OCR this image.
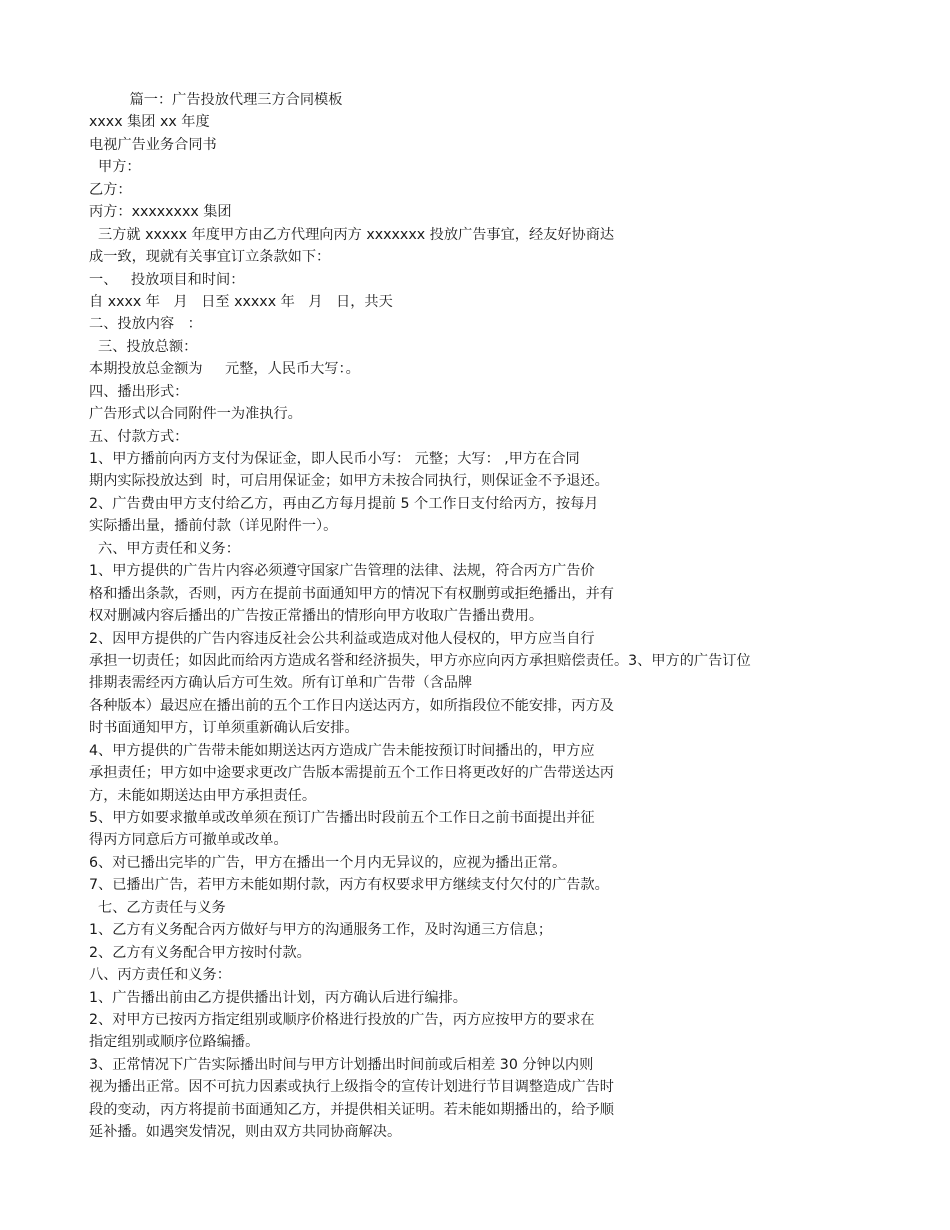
篇一：广告投放代理三方合同模板
xxxx 集团 xx 年度
电视广告业务合同书
甲方：
乙方：
丙方：xxxxxxxx 集团
三方就 xxxxx 年度甲方由乙方代理向丙方 xxxxxxx 投放广告事宜，经友好协商达
成一致，现就有关事宜订立条款如下：
一、   投放项目和时间：
自 xxxx 年   月   日至 xxxxx 年   月   日，共天
二、投放内容   ：
三、投放总额：
本期投放总金额为     元整，人民币大写：。
四、播出形式：
广告形式以合同附件一为准执行。
五、付款方式：
1、甲方播前向丙方支付为保证金，即人民币小写： 元整；大写： ,甲方在合同
期内实际投放达到  时，可启用保证金；如甲方未按合同执行，则保证金不予退还。
2、广告费由甲方支付给乙方，再由乙方每月提前 5 个工作日支付给丙方，按每月
实际播出量，播前付款（详见附件一）。
六、甲方责任和义务：
1、甲方提供的广告片内容必须遵守国家广告管理的法律、法规，符合丙方广告价
格和播出条款，否则，丙方在提前书面通知甲方的情况下有权删剪或拒绝播出，并有
权对删减内容后播出的广告按正常播出的情形向甲方收取广告播出费用。
2、因甲方提供的广告内容违反社会公共利益或造成对他人侵权的，甲方应当自行
承担一切责任；如因此而给丙方造成名誉和经济损失，甲方亦应向丙方承担赔偿责任。3、甲方的广告订位
排期表需经丙方确认后方可生效。所有订单和广告带（含品牌
各种版本）最迟应在播出前的五个工作日内送达丙方，如所指段位不能安排，丙方及
时书面通知甲方，订单须重新确认后安排。
4、甲方提供的广告带未能如期送达丙方造成广告未能按预订时间播出的，甲方应
承担责任；甲方如中途要求更改广告版本需提前五个工作日将更改好的广告带送达丙
方，未能如期送达由甲方承担责任。
5、甲方如要求撤单或改单须在预订广告播出时段前五个工作日之前书面提出并征
得丙方同意后方可撤单或改单。
6、对已播出完毕的广告，甲方在播出一个月内无异议的，应视为播出正常。
7、已播出广告，若甲方未能如期付款，丙方有权要求甲方继续支付欠付的广告款。
七、乙方责任与义务
1、乙方有义务配合丙方做好与甲方的沟通服务工作，及时沟通三方信息；
2、乙方有义务配合甲方按时付款。
八、丙方责任和义务：
1、广告播出前由乙方提供播出计划，丙方确认后进行编排。
2、对甲方已按丙方指定组别或顺序价格进行投放的广告，丙方应按甲方的要求在
指定组别或顺序位路编播。
3、正常情况下广告实际播出时间与甲方计划播出时间前或后相差 30 分钟以内则
视为播出正常。因不可抗力因素或执行上级指令的宣传计划进行节目调整造成广告时
段的变动，丙方将提前书面通知乙方，并提供相关证明。若未能如期播出的，给予顺
延补播。如遇突发情况，则由双方共同协商解决。
